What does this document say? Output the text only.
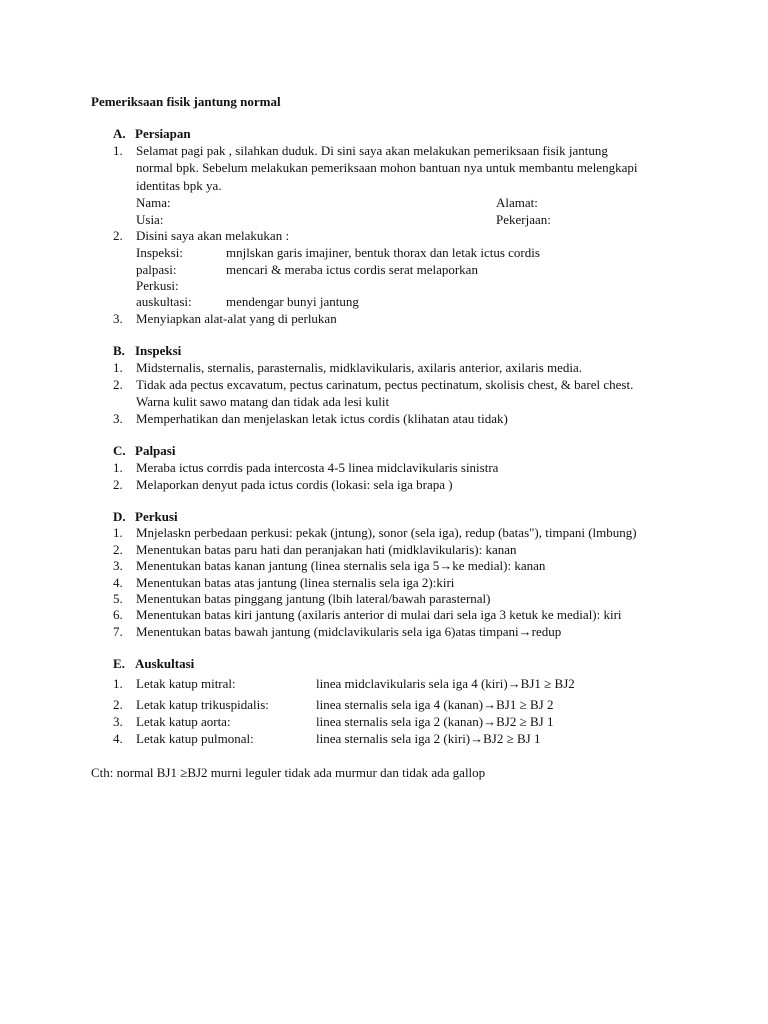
Pemeriksaan fisik jantung normal
A. Persiapan
1. Selamat pagi pak , silahkan duduk. Di sini saya akan melakukan pemeriksaan fisik jantung
normal bpk. Sebelum melakukan pemeriksaan mohon bantuan nya untuk membantu melengkapi
identitas bpk ya.
Nama:	Alamat:
Usia:	Pekerjaan:
2. Disini saya akan melakukan :
Inspeksi:	mnjlskan garis imajiner, bentuk thorax dan letak ictus cordis
palpasi:	mencari & meraba ictus cordis serat melaporkan
Perkusi:
auskultasi:	mendengar bunyi jantung
3. Menyiapkan alat-alat yang di perlukan
B. Inspeksi
1. Midsternalis, sternalis, parasternalis, midklavikularis, axilaris anterior, axilaris media.
2. Tidak ada pectus excavatum, pectus carinatum, pectus pectinatum, skolisis chest, & barel chest.
Warna kulit sawo matang dan tidak ada lesi kulit
3. Memperhatikan dan menjelaskan letak ictus cordis (klihatan atau tidak)
C. Palpasi
1. Meraba ictus corrdis pada intercosta 4-5 linea midclavikularis sinistra
2. Melaporkan denyut pada ictus cordis (lokasi: sela iga brapa )
D. Perkusi
1. Mnjelaskn perbedaan perkusi: pekak (jntung), sonor (sela iga), redup (batas"), timpani (lmbung)
2. Menentukan batas paru hati dan peranjakan hati (midklavikularis): kanan
3. Menentukan batas kanan jantung (linea sternalis sela iga 5→ke medial): kanan
4. Menentukan batas atas jantung (linea sternalis sela iga 2):kiri
5. Menentukan batas pinggang jantung (lbih lateral/bawah parasternal)
6. Menentukan batas kiri jantung (axilaris anterior di mulai dari sela iga 3 ketuk ke medial): kiri
7. Menentukan batas bawah jantung (midclavikularis sela iga 6)atas timpani→redup
E. Auskultasi
1. Letak katup mitral:	linea midclavikularis sela iga 4 (kiri)→BJ1 ≥ BJ2
2. Letak katup trikuspidalis:	linea sternalis sela iga 4 (kanan)→BJ1 ≥ BJ 2
3. Letak katup aorta:	linea sternalis sela iga 2 (kanan)→BJ2 ≥ BJ 1
4. Letak katup pulmonal:	linea sternalis sela iga 2 (kiri)→BJ2 ≥ BJ 1
Cth: normal BJ1 ≥BJ2 murni leguler tidak ada murmur dan tidak ada gallop
